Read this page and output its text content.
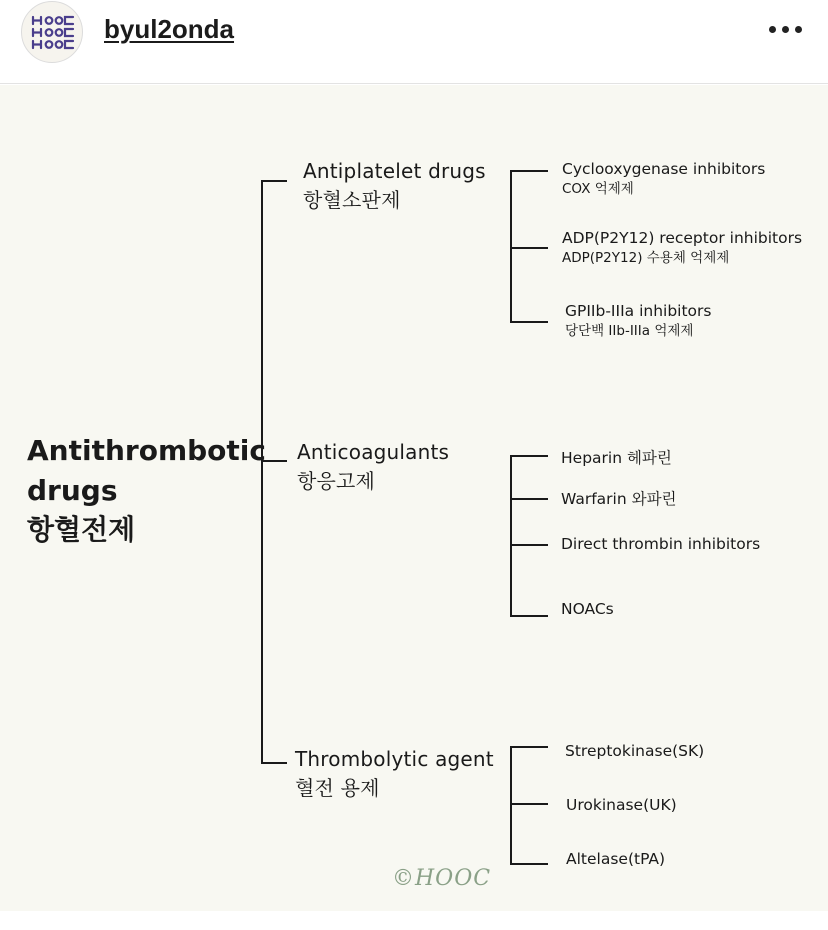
byul2onda
Antithrombotic
drugs
항혈전제
Antiplatelet drugs
항혈소판제
Cyclooxygenase inhibitors
COX 억제제
ADP(P2Y12) receptor inhibitors
ADP(P2Y12) 수용체 억제제
GPIIb-IIIa inhibitors
당단백 IIb-IIIa 억제제
Anticoagulants
항응고제
Heparin 헤파린
Warfarin 와파린
Direct thrombin inhibitors
NOACs
Thrombolytic agent
혈전 용제
Streptokinase(SK)
Urokinase(UK)
Altelase(tPA)
©HOOC
